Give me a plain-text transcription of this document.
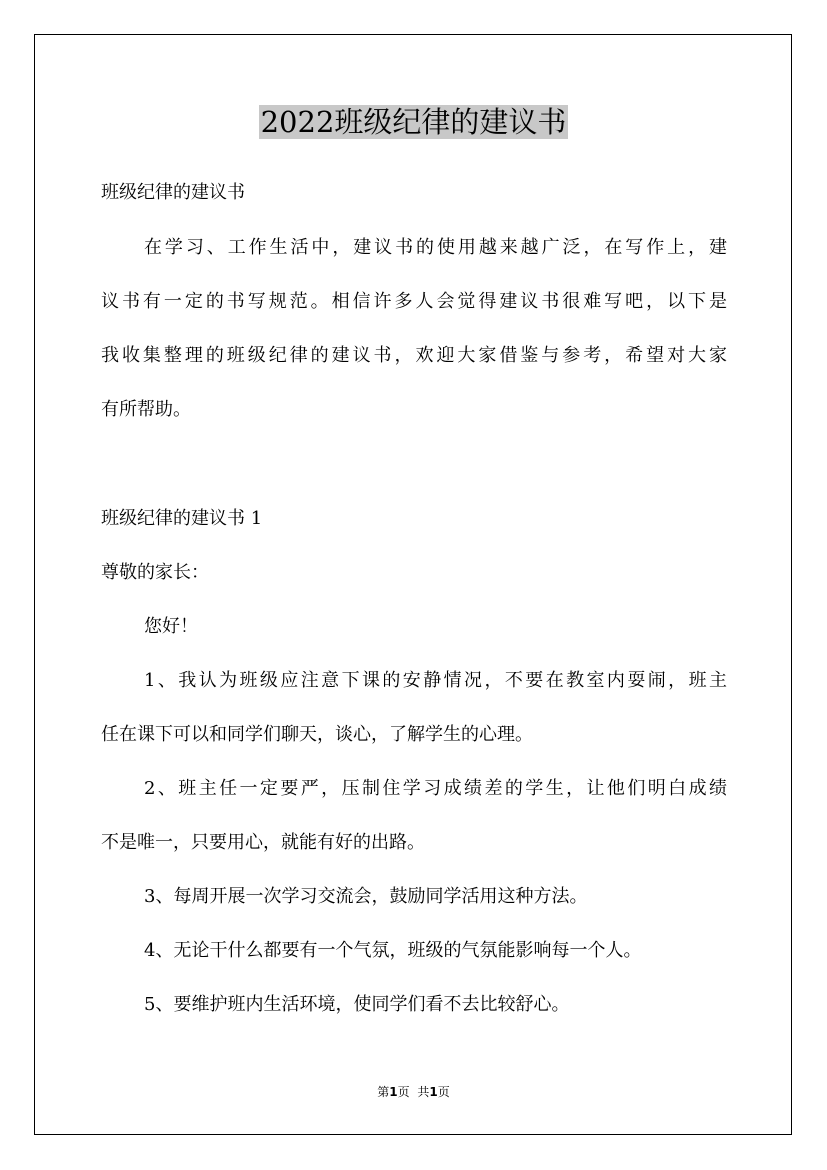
2022班级纪律的建议书
班级纪律的建议书
在学习、工作生活中，建议书的使用越来越广泛，在写作上，建
议书有一定的书写规范。相信许多人会觉得建议书很难写吧，以下是
我收集整理的班级纪律的建议书，欢迎大家借鉴与参考，希望对大家
有所帮助。
班级纪律的建议书 1
尊敬的家长：
您好！
1、我认为班级应注意下课的安静情况，不要在教室内耍闹，班主
任在课下可以和同学们聊天，谈心，了解学生的心理。
2、班主任一定要严，压制住学习成绩差的学生，让他们明白成绩
不是唯一，只要用心，就能有好的出路。
3、每周开展一次学习交流会，鼓励同学活用这种方法。
4、无论干什么都要有一个气氛，班级的气氛能影响每一个人。
5、要维护班内生活环境，使同学们看不去比较舒心。
第1页 共1页
